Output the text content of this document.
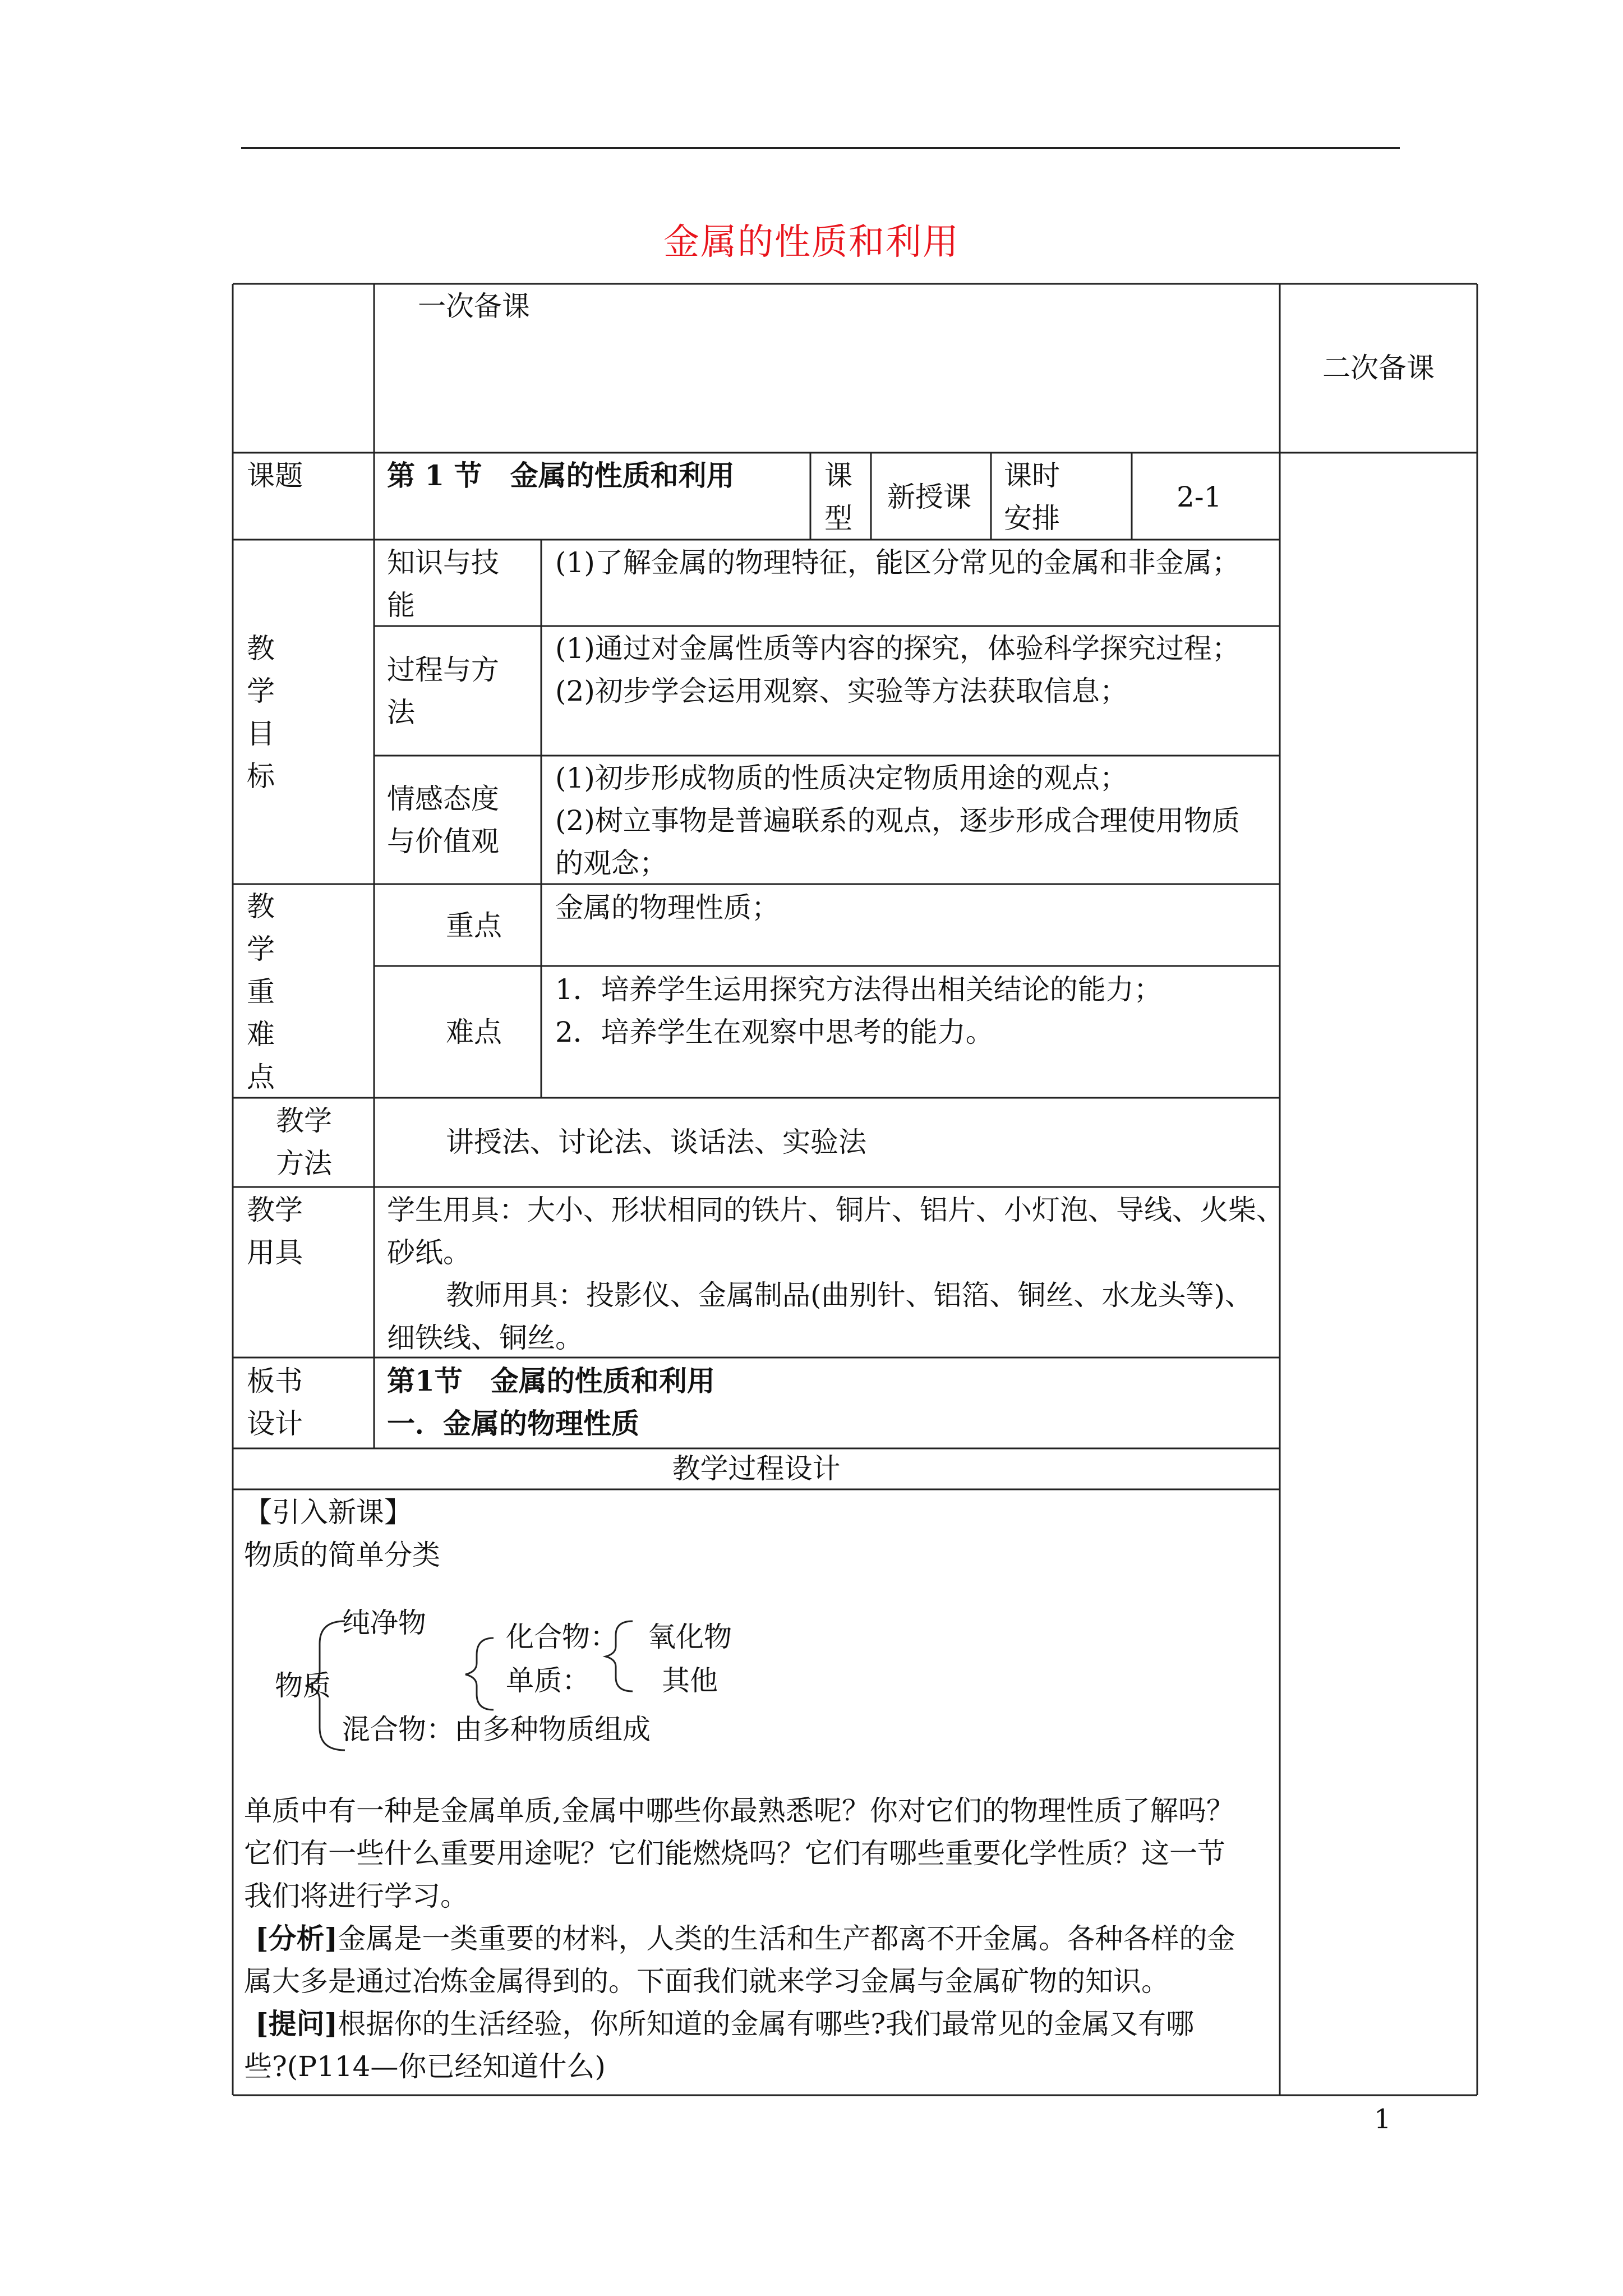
金属的性质和利用
一次备课
二次备课
课题	第 1 节　金属的性质和利用	课
型
新授课
课时
安排
2-1
教
学
目
标
知识与技
能
(1)了解金属的物理特征，能区分常见的金属和非金属；
过程与方
法
(1)通过对金属性质等内容的探究，体验科学探究过程；
(2)初步学会运用观察、实验等方法获取信息；
情感态度
与价值观
(1)初步形成物质的性质决定物质用途的观点；
(2)树立事物是普遍联系的观点，逐步形成合理使用物质
的观念；
教
学
重
难
点
重点
金属的物理性质；
难点
1．培养学生运用探究方法得出相关结论的能力；
2．培养学生在观察中思考的能力。
教学
方法
讲授法、讨论法、谈话法、实验法
教学
用具
学生用具：大小、形状相同的铁片、铜片、铝片、小灯泡、导线、火柴、
砂纸。
教师用具：投影仪、金属制品(曲别针、铝箔、铜丝、水龙头等)、
细铁线、铜丝。
板书
设计
第1节　金属的性质和利用
一．金属的物理性质
教学过程设计
【引入新课】
物质的简单分类
纯净物
物质
混合物：由多种物质组成
化合物：
单质：
氧化物
其他
单质中有一种是金属单质,金属中哪些你最熟悉呢？你对它们的物理性质了解吗？
它们有一些什么重要用途呢？它们能燃烧吗？它们有哪些重要化学性质？这一节
我们将进行学习。
[分析]金属是一类重要的材料，人类的生活和生产都离不开金属。各种各样的金
属大多是通过冶炼金属得到的。下面我们就来学习金属与金属矿物的知识。
[提问]根据你的生活经验，你所知道的金属有哪些?我们最常见的金属又有哪
些?(P114—你已经知道什么)
1
